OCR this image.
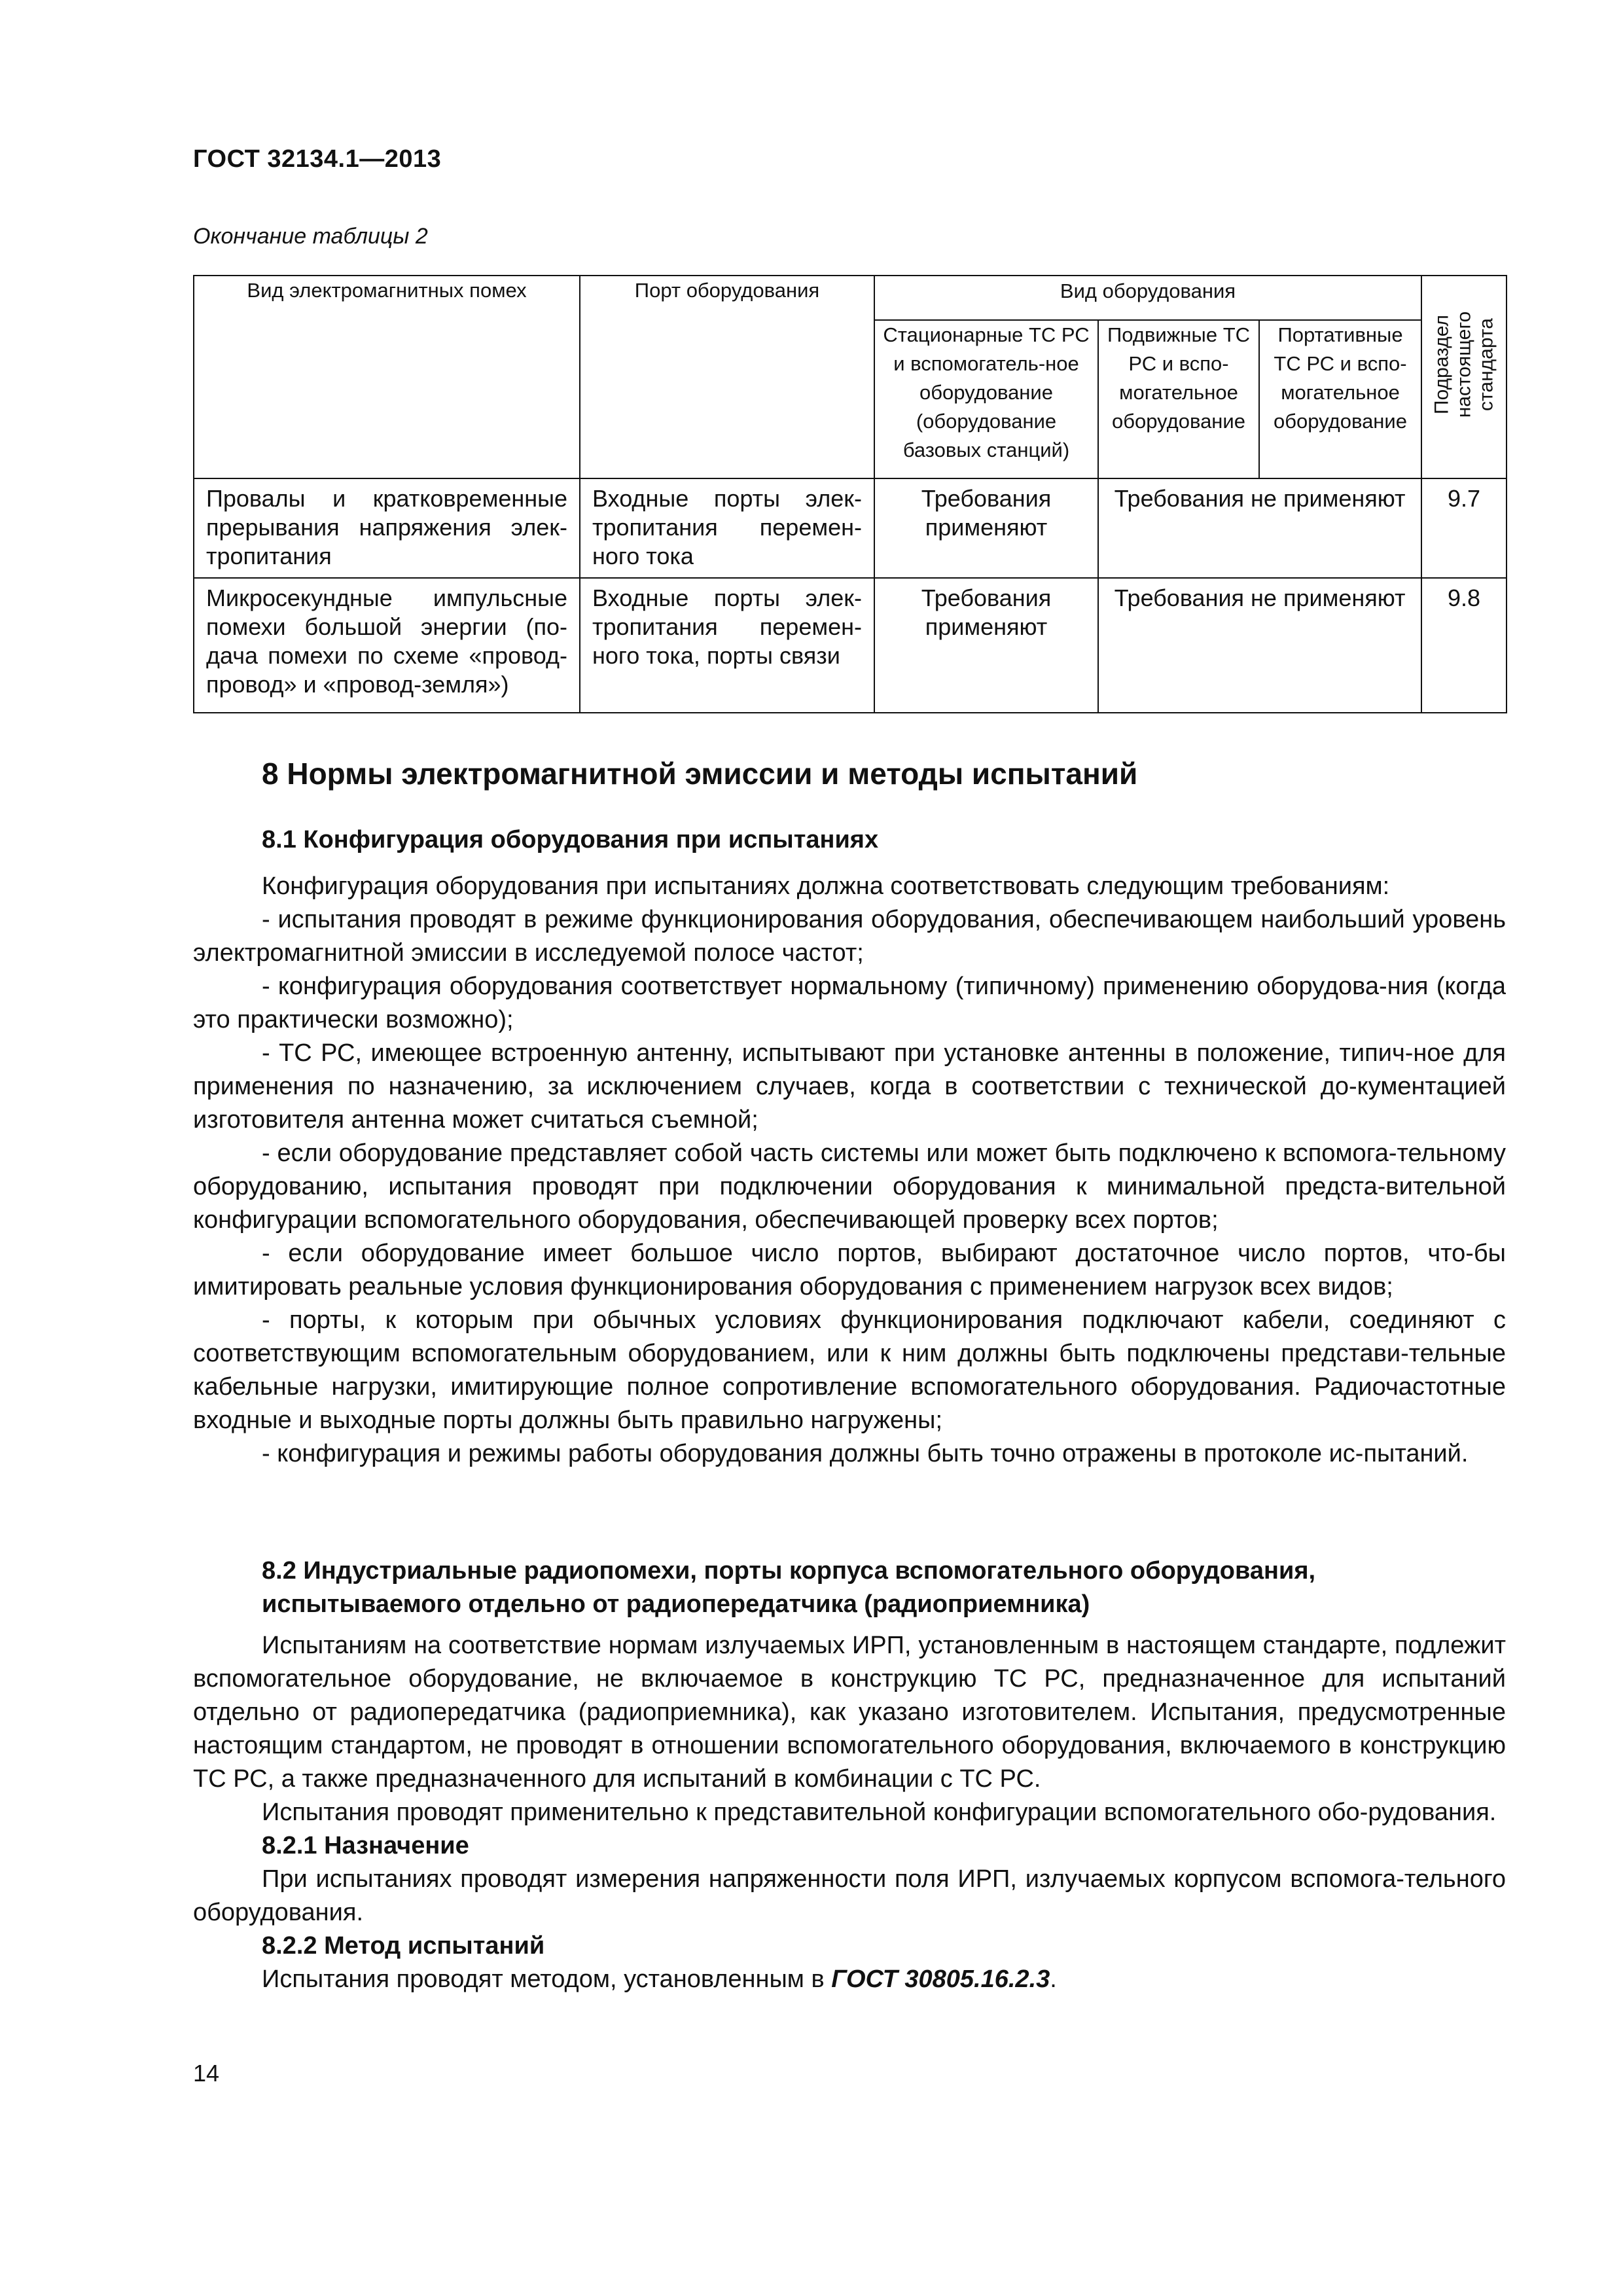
ГОСТ 32134.1—2013
Окончание таблицы 2
Вид электромагнитных помех	Порт оборудования	Вид оборудования			Подраздел настоящего стандарта

		Стационарные ТС РС и вспомогатель-ное оборудование (оборудование базовых станций)	Подвижные ТС РС и вспо-могательное оборудование	Портативные ТС РС и вспо-могательное оборудование	
Провалы и кратковременные прерывания напряжения элек-тропитания	Входные порты элек-тропитания перемен-ного тока	Требования применяют	Требования не применяют		9.7
Микросекундные импульсные помехи большой энергии (по-дача помехи по схеме «провод-провод» и «провод-земля»)	Входные порты элек-тропитания перемен-ного тока, порты связи	Требования применяют	Требования не применяют		9.8
8 Нормы электромагнитной эмиссии и методы испытаний

8.1 Конфигурация оборудования при испытаниях

Конфигурация оборудования при испытаниях должна соответствовать следующим требованиям:

- испытания проводят в режиме функционирования оборудования, обеспечивающем наибольший уровень электромагнитной эмиссии в исследуемой полосе частот;

- конфигурация оборудования соответствует нормальному (типичному) применению оборудова-ния (когда это практически возможно);

- ТС РС, имеющее встроенную антенну, испытывают при установке антенны в положение, типич-ное для применения по назначению, за исключением случаев, когда в соответствии с технической до-кументацией изготовителя антенна может считаться съемной;

- если оборудование представляет собой часть системы или может быть подключено к вспомога-тельному оборудованию, испытания проводят при подключении оборудования к минимальной предста-вительной конфигурации вспомогательного оборудования, обеспечивающей проверку всех портов;

- если оборудование имеет большое число портов, выбирают достаточное число портов, что-бы имитировать реальные условия функционирования оборудования с применением нагрузок всех видов;

- порты, к которым при обычных условиях функционирования подключают кабели, соединяют с соответствующим вспомогательным оборудованием, или к ним должны быть подключены представи-тельные кабельные нагрузки, имитирующие полное сопротивление вспомогательного оборудования. Радиочастотные входные и выходные порты должны быть правильно нагружены;

- конфигурация и режимы работы оборудования должны быть точно отражены в протоколе ис-пытаний.

8.2 Индустриальные радиопомехи, порты корпуса вспомогательного оборудования,

испытываемого отдельно от радиопередатчика (радиоприемника)

Испытаниям на соответствие нормам излучаемых ИРП, установленным в настоящем стандарте, подлежит вспомогательное оборудование, не включаемое в конструкцию ТС РС, предназначенное для испытаний отдельно от радиопередатчика (радиоприемника), как указано изготовителем. Испытания, предусмотренные настоящим стандартом, не проводят в отношении вспомогательного оборудования, включаемого в конструкцию ТС РС, а также предназначенного для испытаний в комбинации с ТС РС.

Испытания проводят применительно к представительной конфигурации вспомогательного обо-рудования.

8.2.1 Назначение

При испытаниях проводят измерения напряженности поля ИРП, излучаемых корпусом вспомога-тельного оборудования.

8.2.2 Метод испытаний

Испытания проводят методом, установленным в ГОСТ 30805.16.2.3.

14
